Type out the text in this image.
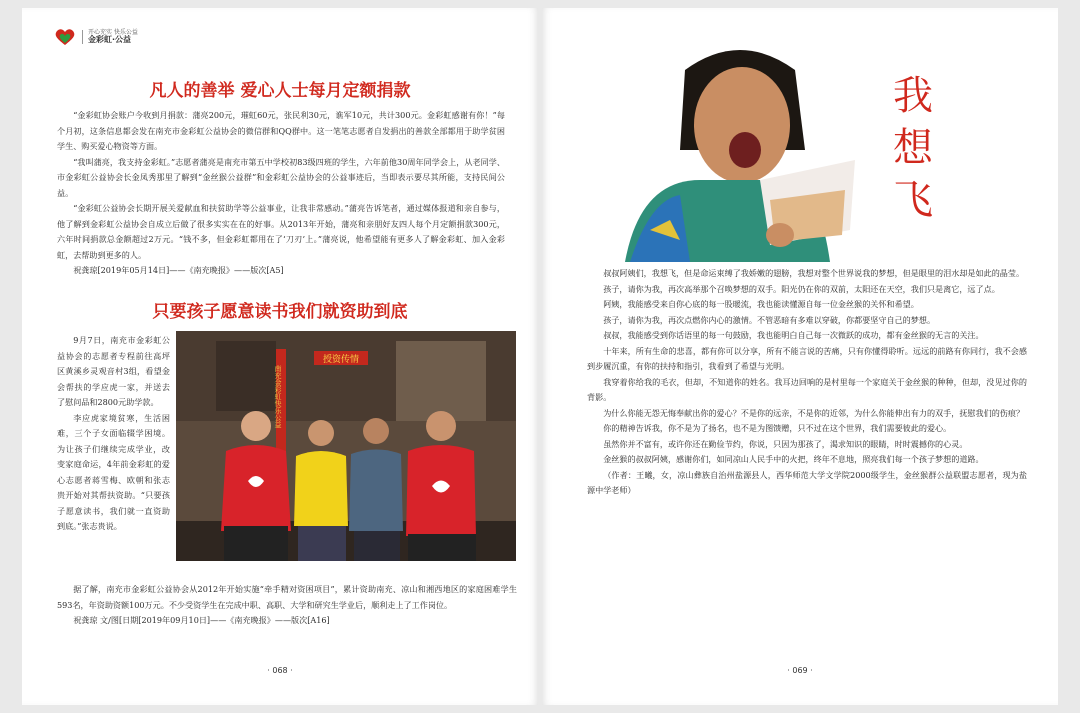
开心充实 快乐公益
金彩虹·公益
凡人的善举 爱心人士每月定额捐款

“金彩虹协会账户今收到月捐款：蒲亮200元，璀虹60元，张民利30元，谯军10元，共计300元。金彩虹感谢有你！”每个月初，这条信息都会发在南充市金彩虹公益协会的微信群和QQ群中。这一笔笔志愿者自发捐出的善款全部都用于助学贫困学生、购买爱心物资等方面。

“我叫蒲亮，我支持金彩虹。”志愿者蒲亮是南充市第五中学校初83级四班的学生，六年前他30周年同学会上，从老同学、市金彩虹公益协会长金凤秀那里了解到“金丝猴公益群”和金彩虹公益协会的公益事迹后，当即表示要尽其所能，支持民间公益。

“金彩虹公益协会长期开展关爱献血和扶贫助学等公益事业，让我非常感动。”蒲亮告诉笔者，通过媒体报道和亲自参与，他了解到金彩虹公益协会自成立后做了很多实实在在的好事。从2013年开始，蒲亮和亲朋好友四人每个月定额捐款300元，六年时间捐款总金额超过2万元。“钱不多，但金彩虹都用在了‘刀刃’上。”蒲亮说，他希望能有更多人了解金彩虹、加入金彩虹，去帮助到更多的人。

祝龚琼[2019年05月14日]——《南充晚报》——版次[A5]

只要孩子愿意读书我们就资助到底

9月7日，南充市金彩虹公益协会的志愿者专程前往高坪区黄溪乡灵观音村3组，看望金会帮扶的学应虎一家，并送去了慰问品和2800元助学款。

李应虎家境贫寒，生活困难，三个子女面临辍学困境。为让孩子们继续完成学业，改变家庭命运，4年前金彩虹的爱心志愿者蒋雪梅、欧朝和张志贵开始对其帮扶资助。“只要孩子愿意读书，我们就一直资助到底。”张志贵说。

授资传情
南充金彩虹快乐公益

据了解，南充市金彩虹公益协会从2012年开始实施“牵手精对资困项目”，累计资助南充、凉山和湘西地区的家庭困难学生593名，年资助资额100万元。不少受资学生在完成中职、高职、大学和研究生学业后，顺利走上了工作岗位。

祝龚琼 文/图[日期[2019年09月10日]——《南充晚报》——版次[A16]

· 068 ·
我
想
飞

叔叔阿姨们，我想飞，但是命运束缚了我娇嫩的翅膀，我想对整个世界说我的梦想，但是眼里的泪水却是如此的晶莹。

孩子，请你为我，再次高举那个召唤梦想的双手。阳光仍在你的双前，太阳还在天空，我们只是离它，远了点。

阿姨，我能感受来自你心底的每一股暖流，我也能读懂源自每一位金丝猴的关怀和希望。

孩子，请你为我，再次点燃你内心的激情。不管恶暗有多难以穿破，你都要坚守自己的梦想。

叔叔，我能感受到你话语里的每一句鼓励，我也能明白自己每一次微跃的成功，都有金丝猴的无言的关注。

十年来，所有生命的悲喜，都有你可以分享，所有不能言说的苦痛，只有你懂得聆听。远远的前路有你同行，我不会感到步履沉重，有你的扶持和指引，我看到了希望与光明。

我穿着你给我的毛衣，但却，不知道你的姓名。我耳边回响的是村里每一个家庭关于金丝猴的种种，但却，没见过你的背影。

为什么你能无怨无悔奉献出你的爱心？不是你的远亲，不是你的近邻，为什么你能伸出有力的双手，抚慰我们的伤痕？

你的精神告诉我，你不是为了扬名，也不是为图馈赠，只不过在这个世界，我们需要彼此的爱心。

虽然你并不富有，或许你还在勤俭节约，你说，只因为那孩了，渴求知识的眼睛，时时震撼你的心灵。

金丝猴的叔叔阿姨，感谢你们，如同凉山人民手中的火把，终年不息地，照亮我们每一个孩子梦想的道路。

（作者：王曦，女，凉山彝族自治州盐源县人，西华师范大学文学院2000级学生，金丝猴群公益联盟志愿者，现为盐源中学老师）

· 069 ·
